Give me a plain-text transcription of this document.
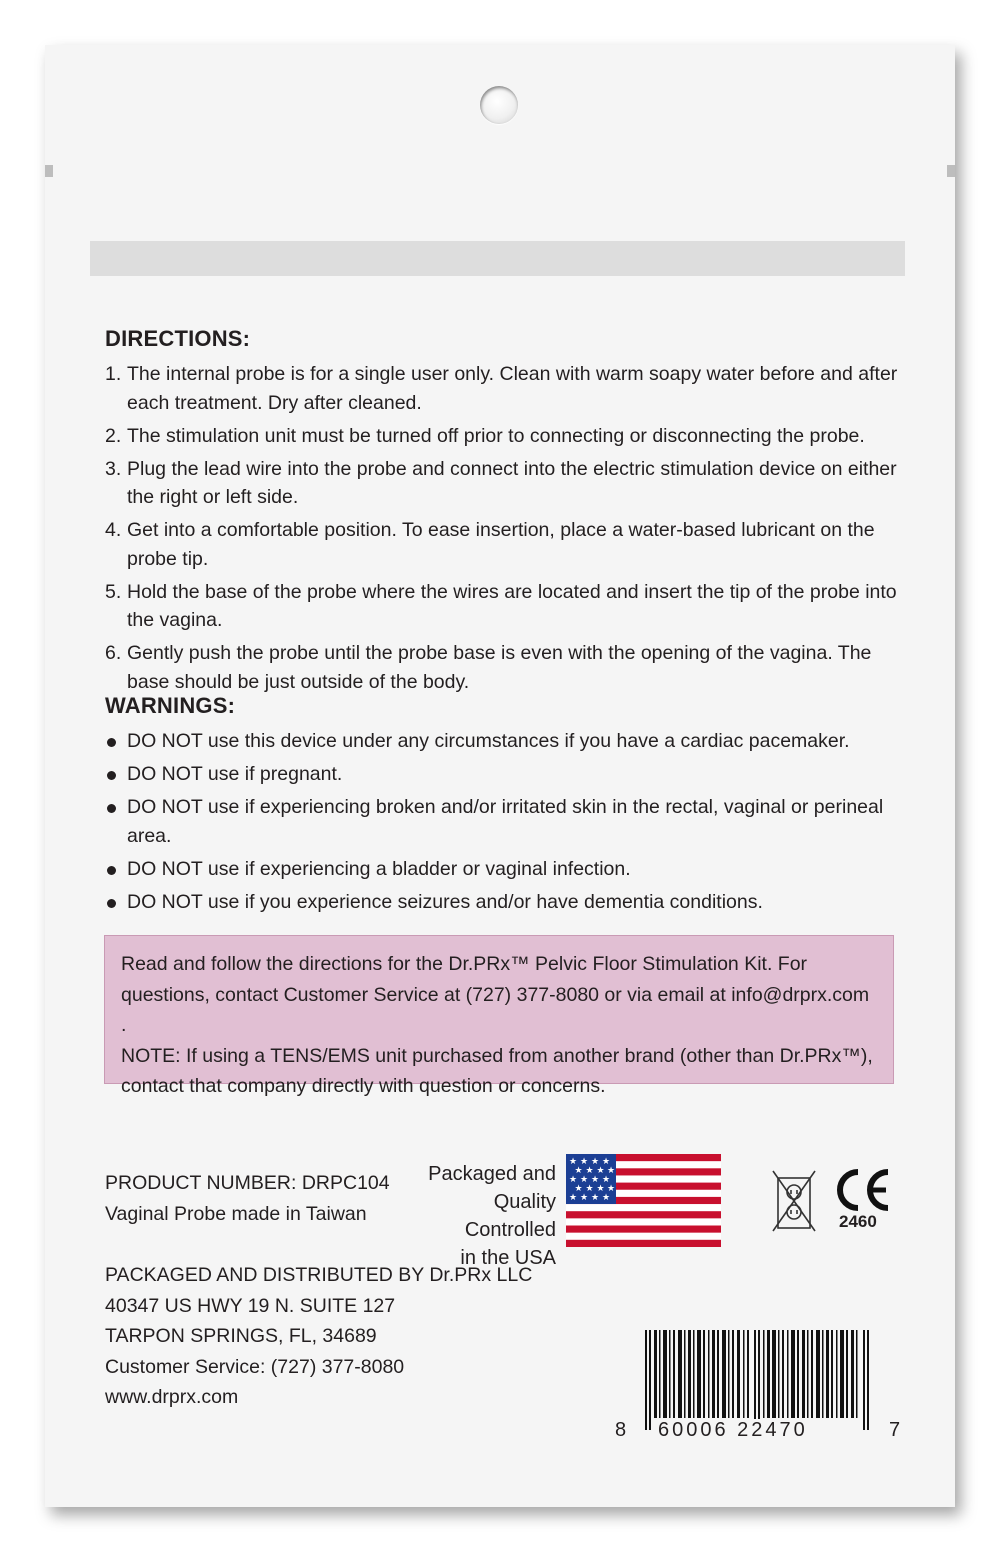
DIRECTIONS:
1. The internal probe is for a single user only. Clean with warm soapy water before and after each treatment. Dry after cleaned.
2. The stimulation unit must be turned off prior to connecting or disconnecting the probe.
3. Plug the lead wire into the probe and connect into the electric stimulation device on either the right or left side.
4. Get into a comfortable position. To ease insertion, place a water-based lubricant on the probe tip.
5. Hold the base of the probe where the wires are located and insert the tip of the probe into the vagina.
6. Gently push the probe until the probe base is even with the opening of the vagina. The base should be just outside of the body.
WARNINGS:
DO NOT use this device under any circumstances if you have a cardiac pacemaker.
DO NOT use if pregnant.
DO NOT use if experiencing broken and/or irritated skin in the rectal, vaginal or perineal area.
DO NOT use if experiencing a bladder or vaginal infection.
DO NOT use if you experience seizures and/or have dementia conditions.

Read and follow the directions for the Dr.PRx™ Pelvic Floor Stimulation Kit. For questions, contact Customer Service at (727) 377-8080 or via email at info@drprx.com .

NOTE: If using a TENS/EMS unit purchased from another brand (other than Dr.PRx™), contact that company directly with question or concerns.

PRODUCT NUMBER: DRPC104
Vaginal Probe made in Taiwan
Packaged and
Quality Controlled
in the USA
★ ★ ★ ★
★ ★ ★ ★
★ ★ ★ ★
★ ★ ★ ★
★ ★ ★ ★
2460
PACKAGED AND DISTRIBUTED BY Dr.PRx LLC
40347 US HWY 19 N. SUITE 127
TARPON SPRINGS, FL, 34689
Customer Service: (727) 377-8080
www.drprx.com
8 60006 22470	7
